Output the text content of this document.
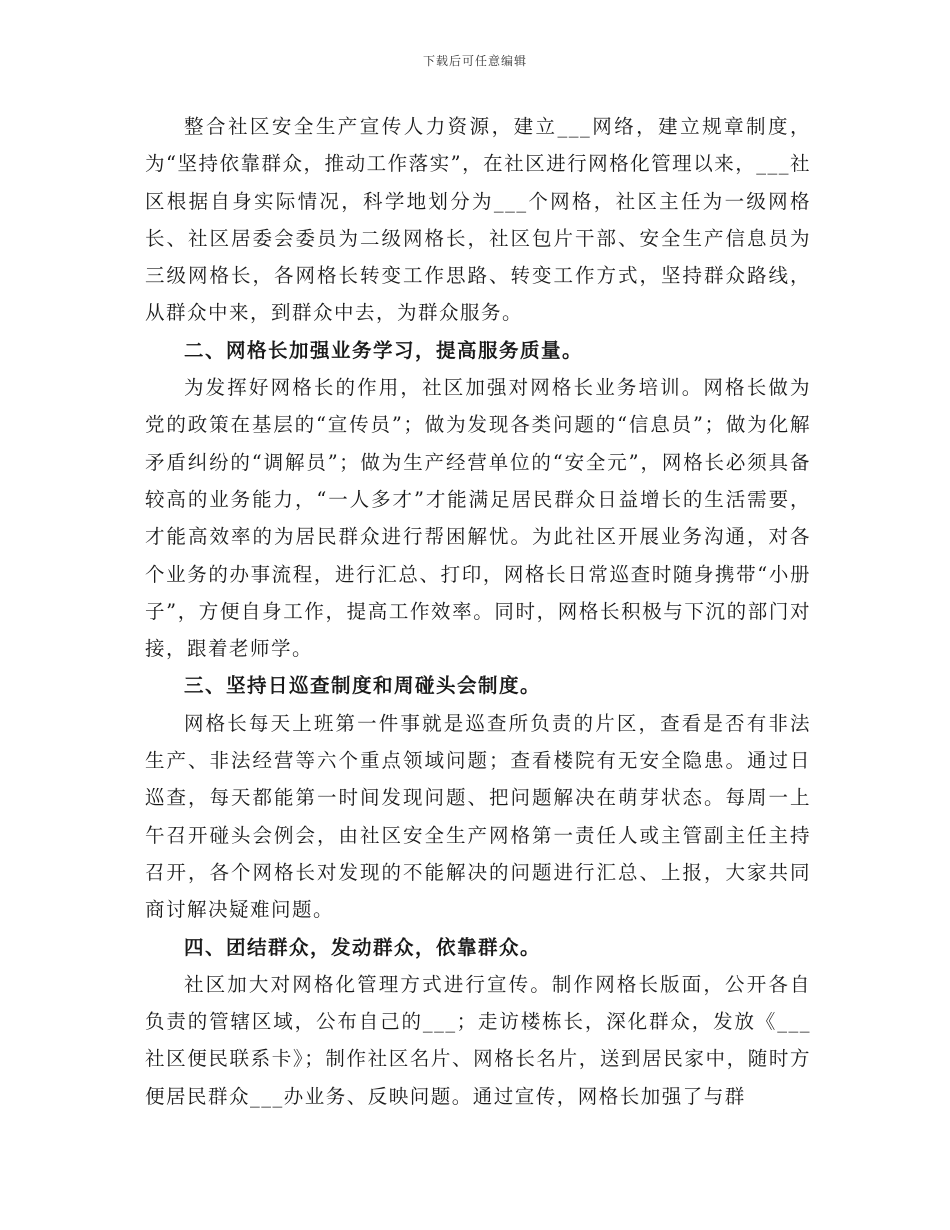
下载后可任意编辑

整合社区安全生产宣传人力资源，建立___网络，建立规章制度，为“坚持依靠群众，推动工作落实”，在社区进行网格化管理以来，___社区根据自身实际情况，科学地划分为___个网格，社区主任为一级网格长、社区居委会委员为二级网格长，社区包片干部、安全生产信息员为三级网格长，各网格长转变工作思路、转变工作方式，坚持群众路线，从群众中来，到群众中去，为群众服务。

二、网格长加强业务学习，提高服务质量。

为发挥好网格长的作用，社区加强对网格长业务培训。网格长做为党的政策在基层的“宣传员”；做为发现各类问题的“信息员”；做为化解矛盾纠纷的“调解员”；做为生产经营单位的“安全元”，网格长必须具备较高的业务能力，“一人多才”才能满足居民群众日益增长的生活需要，才能高效率的为居民群众进行帮困解忧。为此社区开展业务沟通，对各个业务的办事流程，进行汇总、打印，网格长日常巡查时随身携带“小册子”，方便自身工作，提高工作效率。同时，网格长积极与下沉的部门对接，跟着老师学。

三、坚持日巡查制度和周碰头会制度。

网格长每天上班第一件事就是巡查所负责的片区，查看是否有非法生产、非法经营等六个重点领域问题；查看楼院有无安全隐患。通过日巡查，每天都能第一时间发现问题、把问题解决在萌芽状态。每周一上午召开碰头会例会，由社区安全生产网格第一责任人或主管副主任主持召开，各个网格长对发现的不能解决的问题进行汇总、上报，大家共同商讨解决疑难问题。

四、团结群众，发动群众，依靠群众。

社区加大对网格化管理方式进行宣传。制作网格长版面，公开各自负责的管辖区域，公布自己的___；走访楼栋长，深化群众，发放《___社区便民联系卡》；制作社区名片、网格长名片，送到居民家中，随时方便居民群众___办业务、反映问题。通过宣传，网格长加强了与群
